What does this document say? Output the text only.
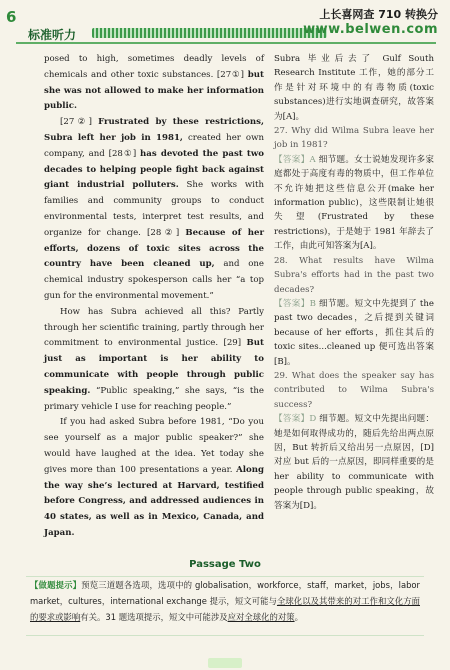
6
标准听力
上长喜网查 710 转换分
www.belwen.com

posed to high, sometimes deadly levels of chemicals and other toxic substances. [27①] but she was not allowed to make her information public.

[27②] Frustrated by these restrictions, Subra left her job in 1981, created her own company, and [28①] has devoted the past two decades to helping people fight back against giant industrial polluters. She works with families and community groups to conduct environmental tests, interpret test results, and organize for change. [28②] Because of her efforts, dozens of toxic sites across the country have been cleaned up, and one chemical industry spokesperson calls her “a top gun for the environmental movement.”

How has Subra achieved all this? Partly through her scientific training, partly through her commitment to environmental justice. [29] But just as important is her ability to communicate with people through public speaking. “Public speaking,” she says, “is the primary vehicle I use for reaching people.”

If you had asked Subra before 1981, “Do you see yourself as a major public speaker?” she would have laughed at the idea. Yet today she gives more than 100 presentations a year. Along the way she’s lectured at Harvard, testified before Congress, and addressed audiences in 40 states, as well as in Mexico, Canada, and Japan.

Subra 毕业后去了 Gulf South Research Institute 工作，她的部分工作是针对环境中的有毒物质(toxic substances)进行实地调查研究，故答案为[A]。

27. Why did Wilma Subra leave her job in 1981?

【答案】A 细节题。女士说她发现许多家庭都处于高度有毒的物质中，但工作单位不允许她把这些信息公开(make her information public)，这些限制让她很失望(Frustrated by these restrictions)，于是她于 1981 年辞去了工作，由此可知答案为[A]。

28. What results have Wilma Subra's efforts had in the past two decades?

【答案】B 细节题。短文中先提到了 the past two decades，之后提到关键词 because of her efforts，抓住其后的 toxic sites...cleaned up 便可选出答案[B]。

29. What does the speaker say has contributed to Wilma Subra's success?

【答案】D 细节题。短文中先提出问题：她是如何取得成功的，随后先给出两点原因，But 转折后又给出另一点原因，[D]对应 but 后的一点原因，即同样重要的是 her ability to communicate with people through public speaking，故答案为[D]。

Passage Two
【做题提示】预览三道题各选项，选项中的 globalisation，workforce，staff，market，jobs，labor market，cultures，international exchange 提示，短文可能与全球化以及其带来的对工作和文化方面的要求或影响有关。31 题选项提示，短文中可能涉及应对全球化的对策。
